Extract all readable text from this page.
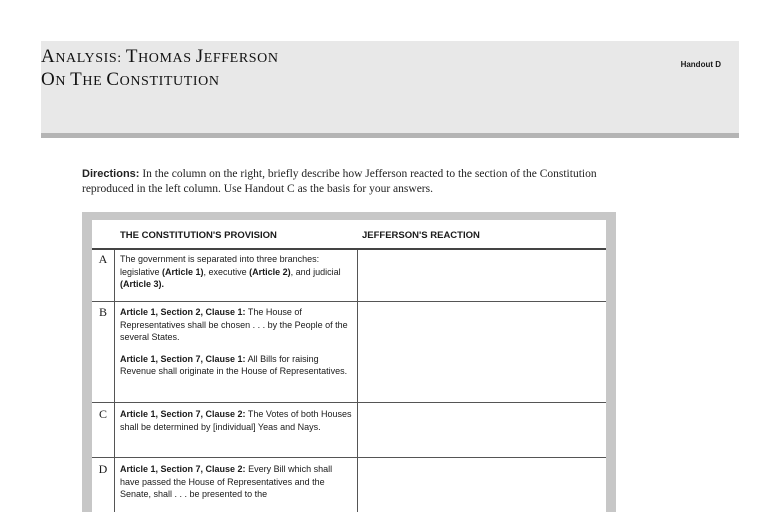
Handout D
ANALYSIS: THOMAS JEFFERSON
ON THE CONSTITUTION
Directions: In the column on the right, briefly describe how Jefferson reacted to the section of the Constitution reproduced in the left column. Use Handout C as the basis for your answers.
THE CONSTITUTION'S PROVISION	JEFFERSON'S REACTION
A	The government is separated into three branches: legislative (Article 1), executive (Article 2), and judicial (Article 3).

B	Article 1, Section 2, Clause 1: The House of Representatives shall be chosen . . . by the People of the several States.

Article 1, Section 7, Clause 1: All Bills for raising Revenue shall originate in the House of Representatives.

C	Article 1, Section 7, Clause 2: The Votes of both Houses shall be determined by [individual] Yeas and Nays.

D	Article 1, Section 7, Clause 2: Every Bill which shall have passed the House of Representatives and the Senate, shall . . . be presented to the
